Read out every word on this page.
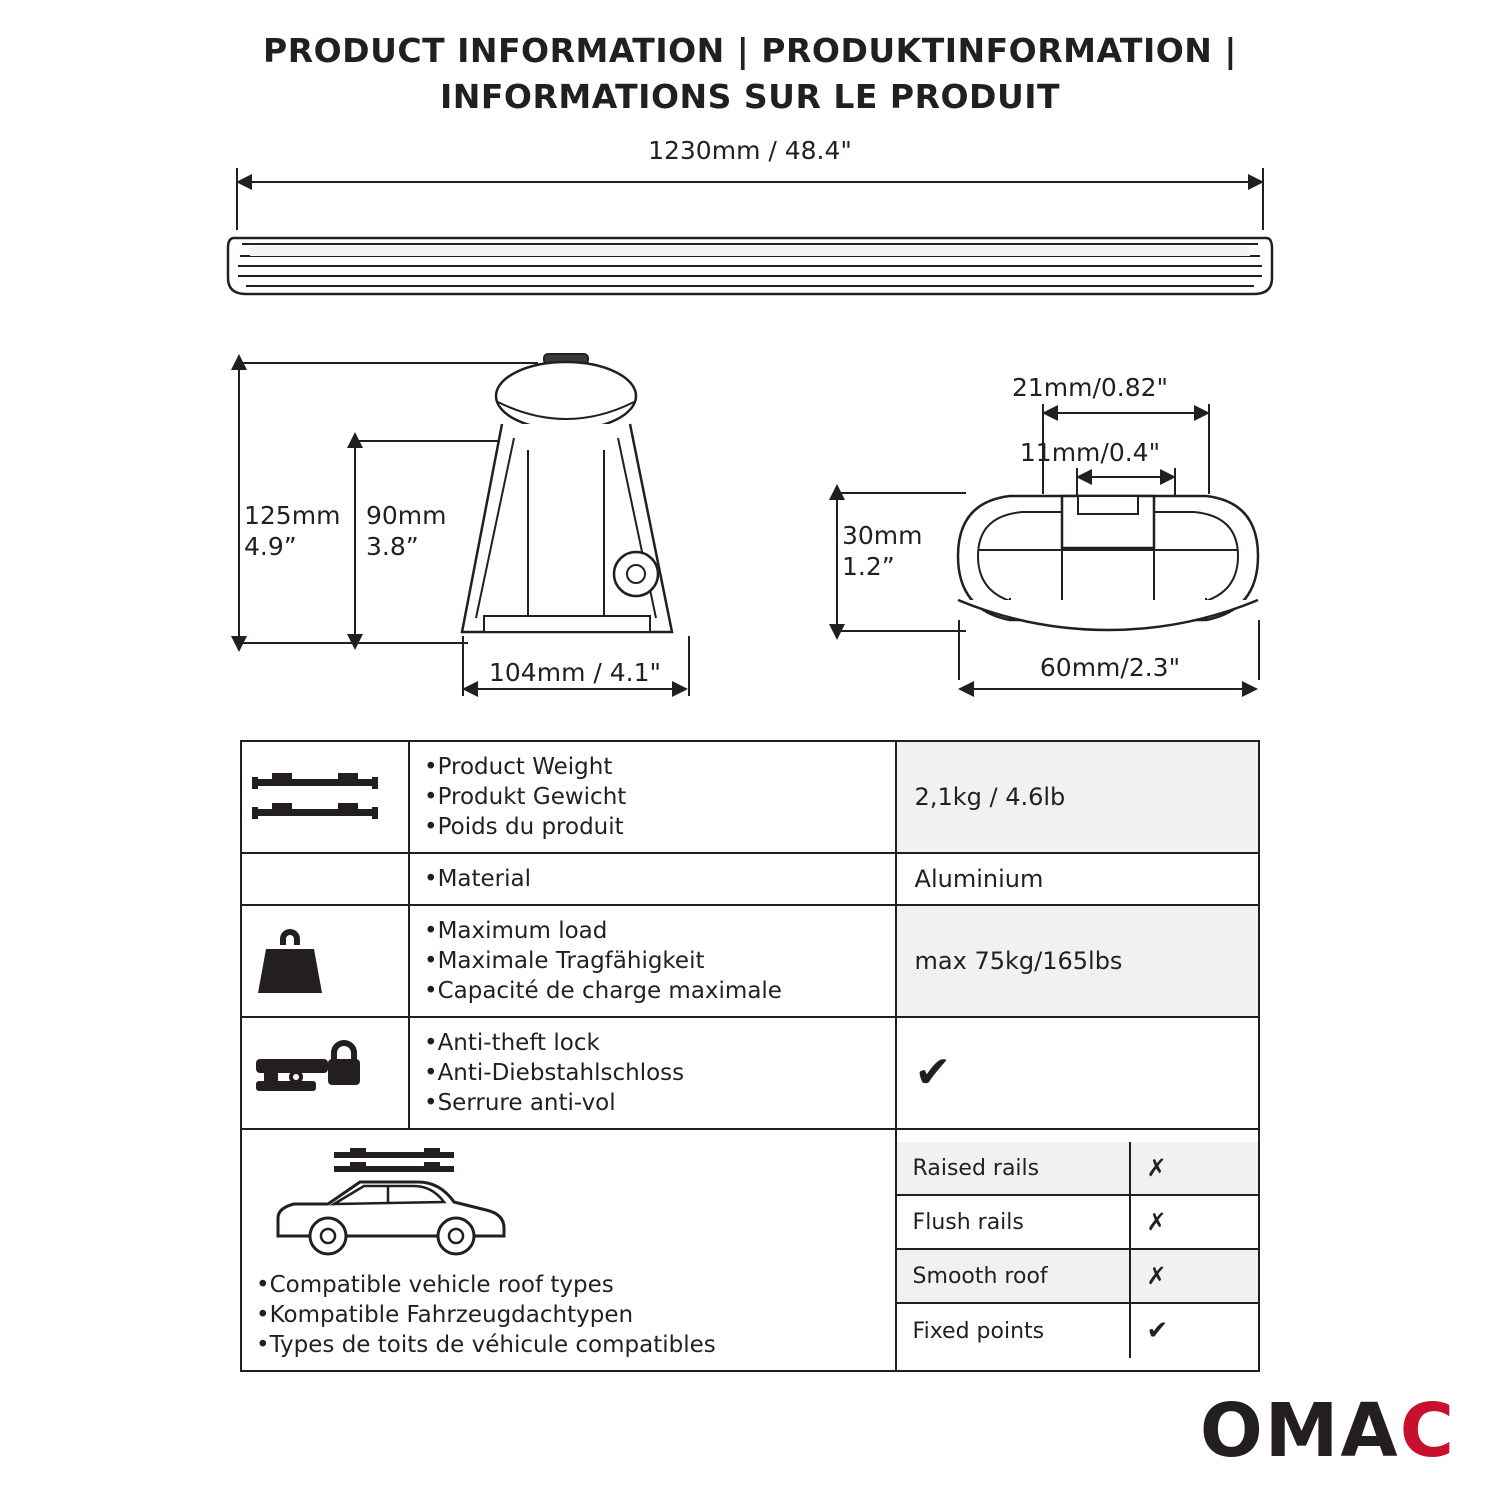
PRODUCT INFORMATION | PRODUKTINFORMATION |
INFORMATIONS SUR LE PRODUIT
1230mm / 48.4"
125mm
4.9”
90mm
3.8”
104mm / 4.1"
21mm/0.82"
11mm/0.4"
30mm
1.2”
60mm/2.3"

•Product Weight
•Produkt Gewicht
•Poids du produit
	2,1kg / 4.6lb

•Material	Aluminium

•Maximum load
•Maximale Tragfähigkeit
•Capacité de charge maximale
	max 75kg/165lbs

•Anti-theft lock
•Anti-Diebstahlschloss
•Serrure anti-vol
	✔

•Compatible vehicle roof types
•Kompatible Fahrzeugdachtypen
•Types de toits de véhicule compatibles

Raised rails	✗
Flush rails	✗
Smooth roof	✗
Fixed points	✔
OMAC
